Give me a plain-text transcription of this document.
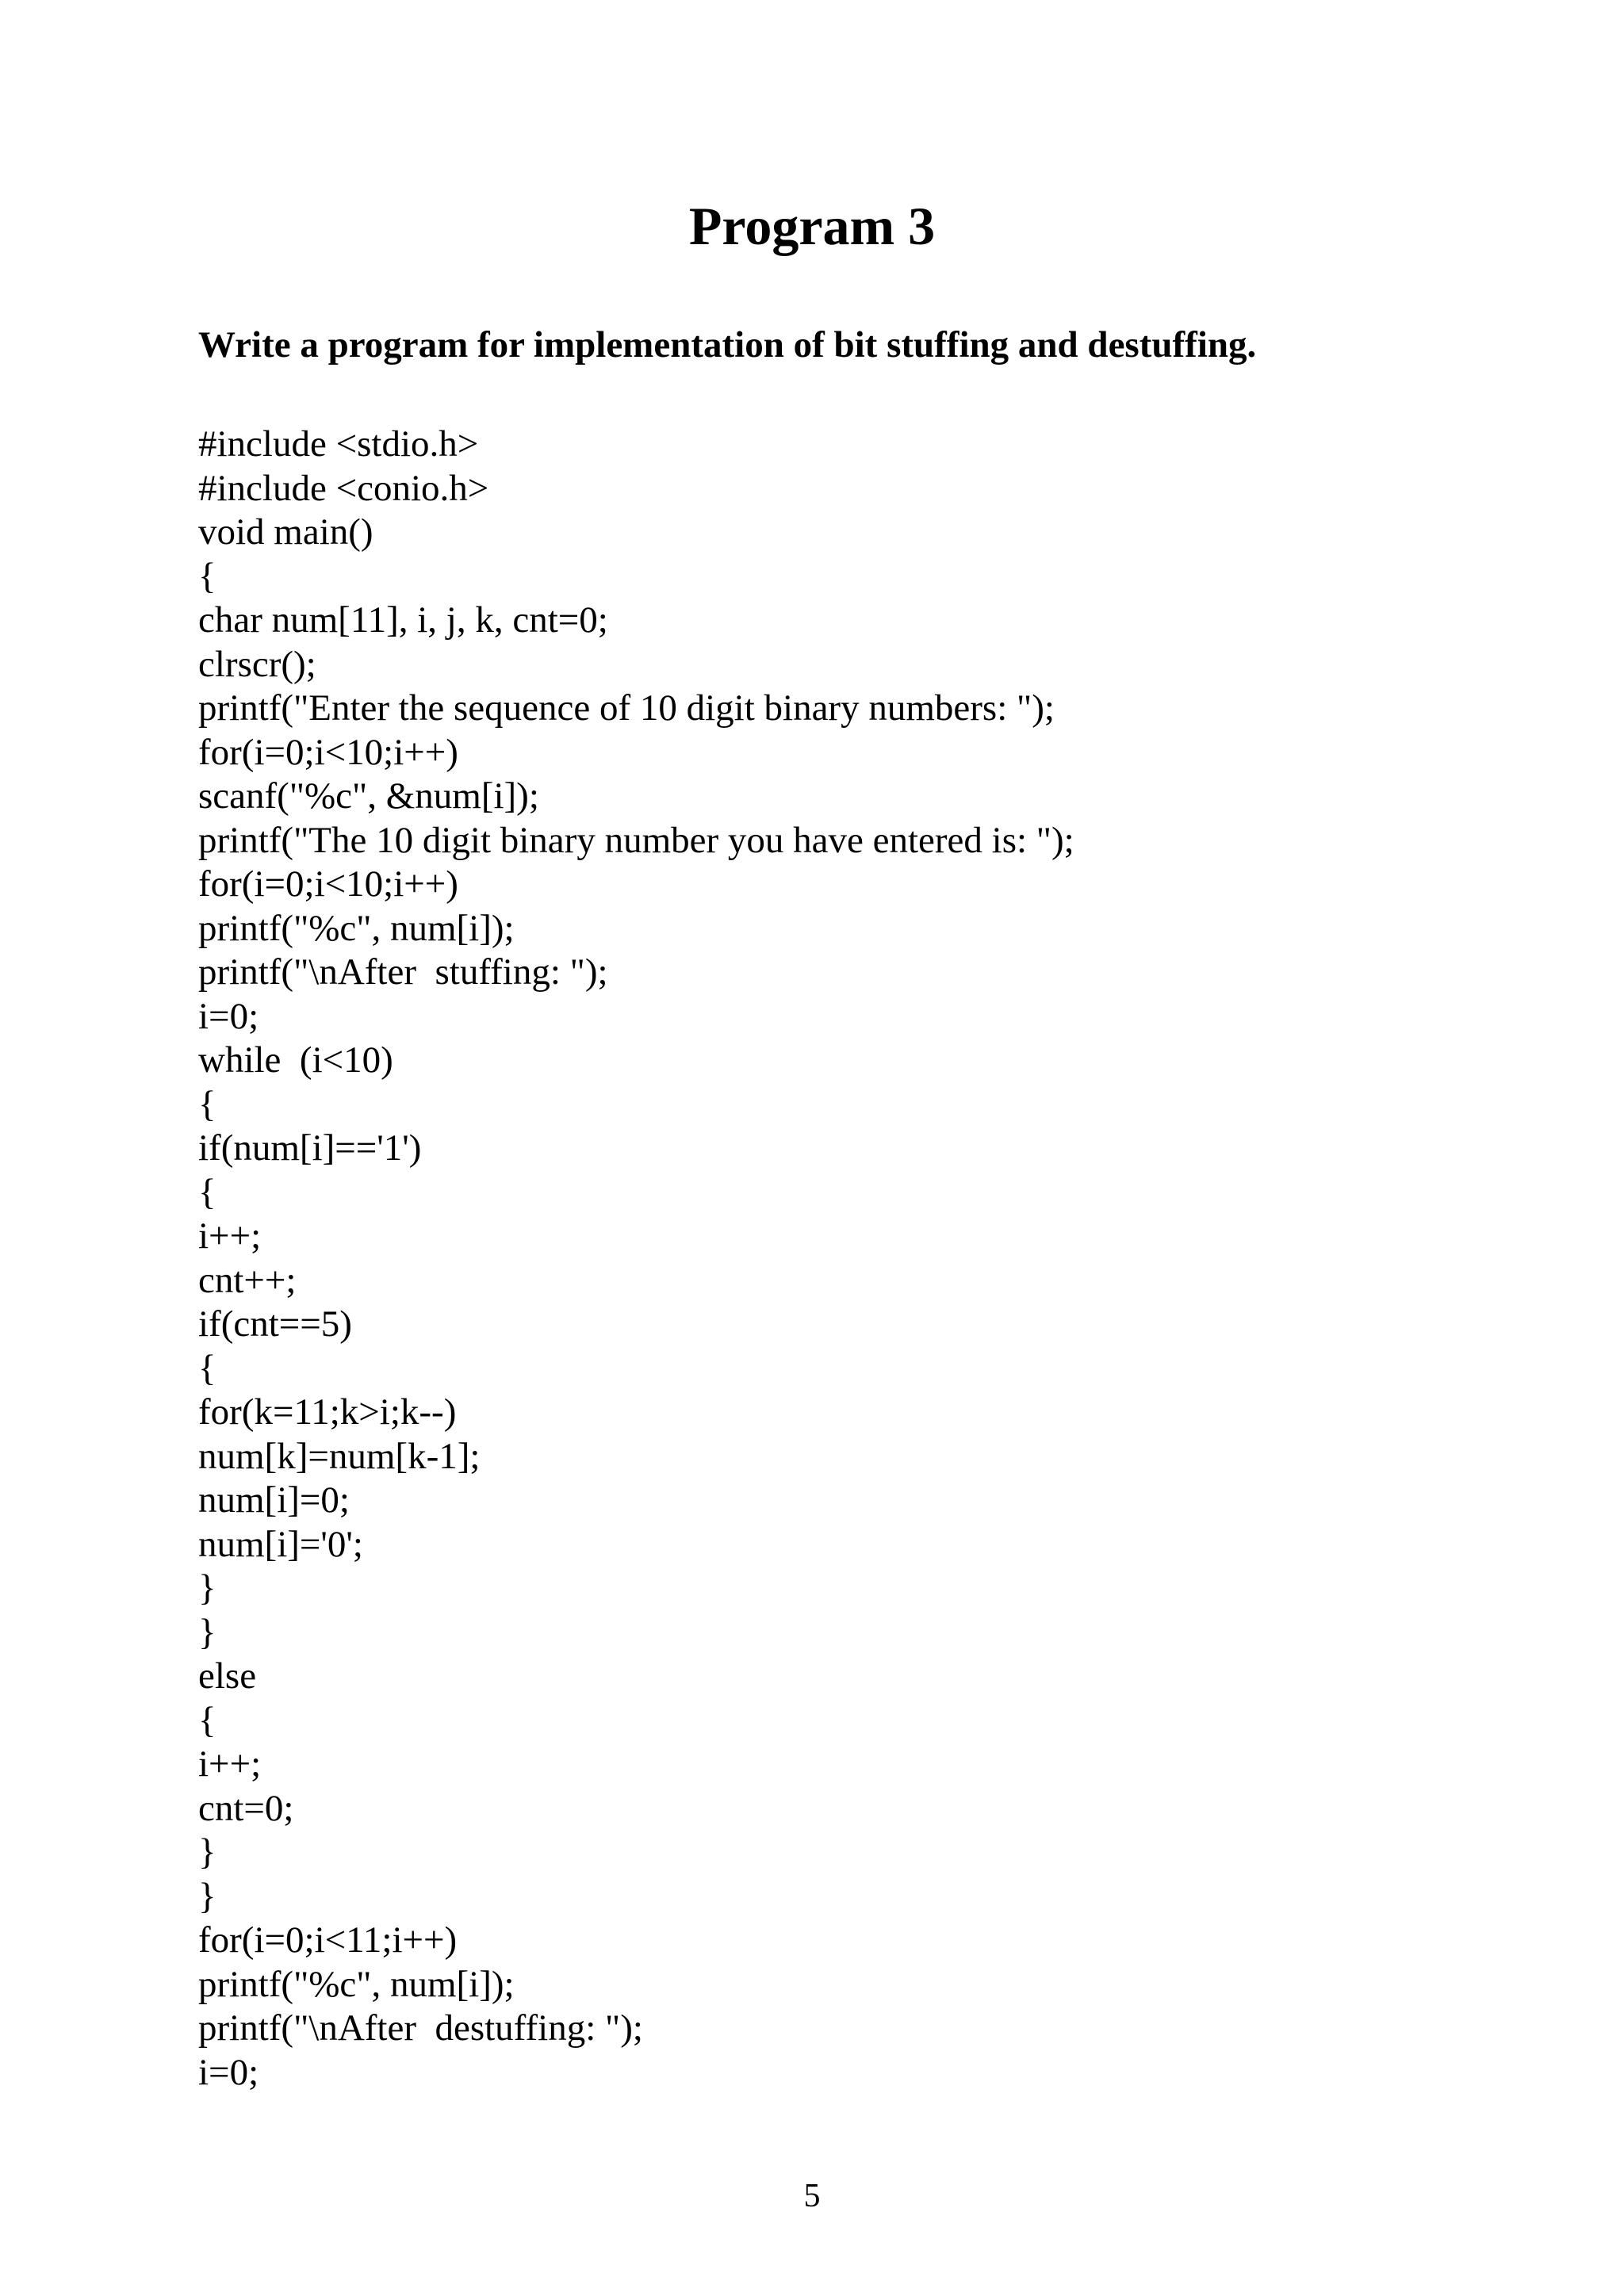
Program 3

Write a program for implementation of bit stuffing and destuffing.

#include <stdio.h>
#include <conio.h>
void main()
{
char num[11], i, j, k, cnt=0;
clrscr();
printf("Enter the sequence of 10 digit binary numbers: ");
for(i=0;i<10;i++)
scanf("%c", &num[i]);
printf("The 10 digit binary number you have entered is: ");
for(i=0;i<10;i++)
printf("%c", num[i]);
printf("\nAfter  stuffing: ");
i=0;
while  (i<10)
{
if(num[i]=='1')
{
i++;
cnt++;
if(cnt==5)
{
for(k=11;k>i;k--)
num[k]=num[k-1];
num[i]=0;
num[i]='0';
}
}
else
{
i++;
cnt=0;
}
}
for(i=0;i<11;i++)
printf("%c", num[i]);
printf("\nAfter  destuffing: ");
i=0;

5
